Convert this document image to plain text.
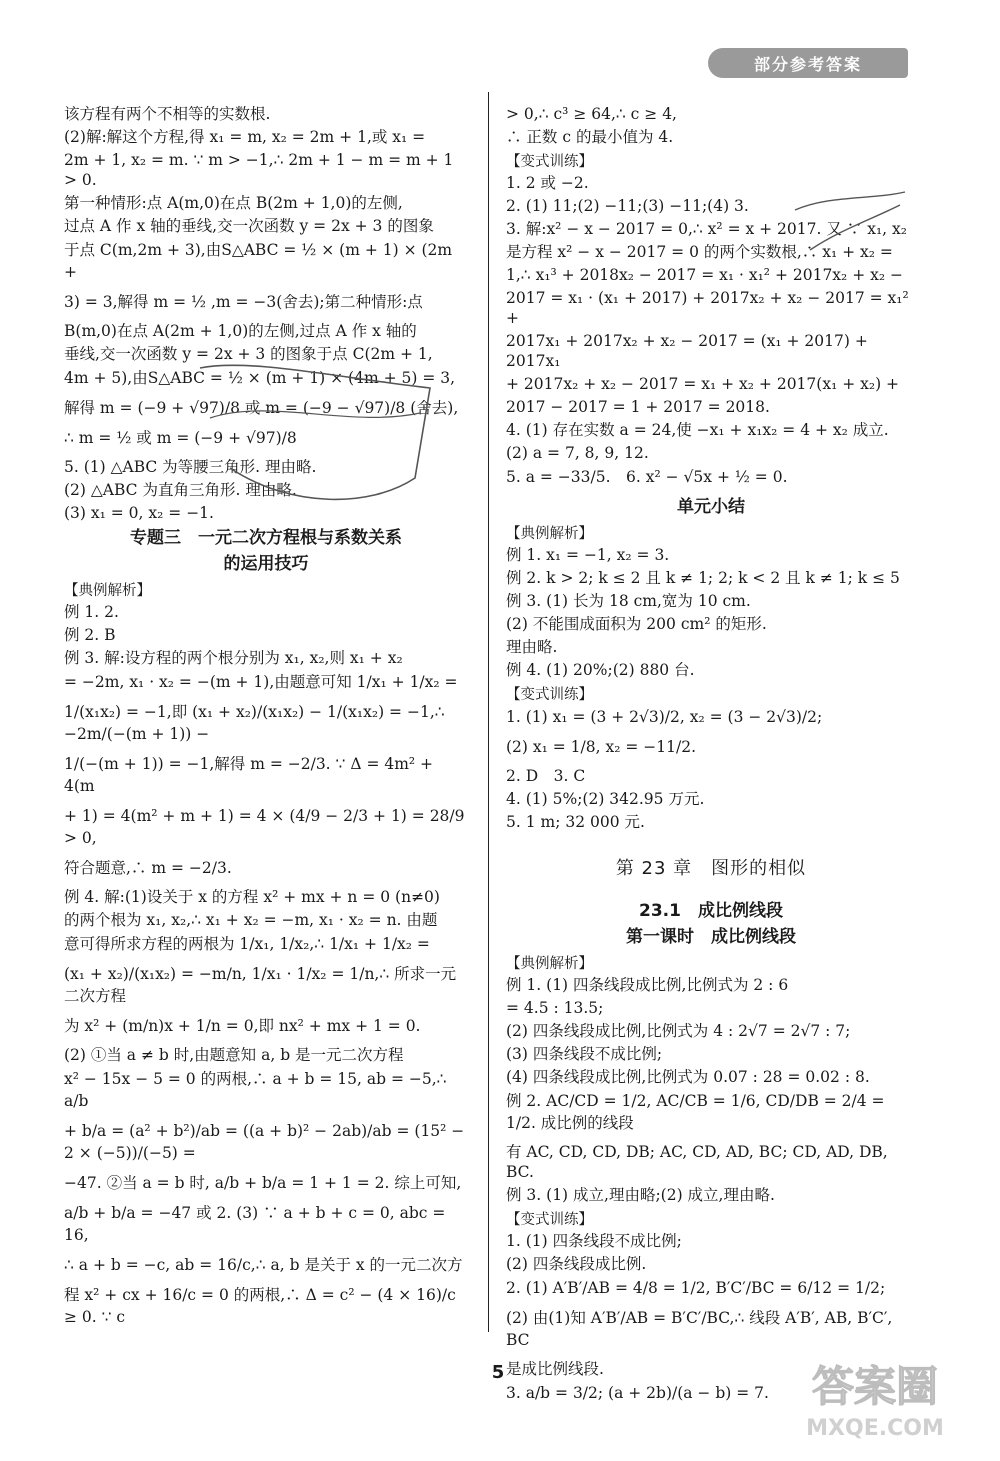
部分参考答案
该方程有两个不相等的实数根.
(2)解:解这个方程,得 x₁ = m, x₂ = 2m + 1,或 x₁ =
2m + 1, x₂ = m. ∵ m > −1,∴ 2m + 1 − m = m + 1 > 0.
第一种情形:点 A(m,0)在点 B(2m + 1,0)的左侧,
过点 A 作 x 轴的垂线,交一次函数 y = 2x + 3 的图象
于点 C(m,2m + 3),由S△ABC = ½ × (m + 1) × (2m +
3) = 3,解得 m = ½ ,m = −3(舍去);第二种情形:点
B(m,0)在点 A(2m + 1,0)的左侧,过点 A 作 x 轴的
垂线,交一次函数 y = 2x + 3 的图象于点 C(2m + 1,
4m + 5),由S△ABC = ½ × (m + 1) × (4m + 5) = 3,
解得 m = (−9 + √97)/8 或 m = (−9 − √97)/8 (舍去),
∴ m = ½ 或 m = (−9 + √97)/8
5. (1) △ABC 为等腰三角形. 理由略.
(2) △ABC 为直角三角形. 理由略.
(3) x₁ = 0, x₂ = −1.
专题三　一元二次方程根与系数关系
的运用技巧
【典例解析】
例 1. 2.
例 2. B
例 3. 解:设方程的两个根分别为 x₁, x₂,则 x₁ + x₂
= −2m, x₁ · x₂ = −(m + 1),由题意可知 1/x₁ + 1/x₂ =
1/(x₁x₂) = −1,即 (x₁ + x₂)/(x₁x₂) − 1/(x₁x₂) = −1,∴ −2m/(−(m + 1)) −
1/(−(m + 1)) = −1,解得 m = −2/3. ∵ Δ = 4m² + 4(m
+ 1) = 4(m² + m + 1) = 4 × (4/9 − 2/3 + 1) = 28/9 > 0,
符合题意,∴ m = −2/3.
例 4. 解:(1)设关于 x 的方程 x² + mx + n = 0 (n≠0)
的两个根为 x₁, x₂,∴ x₁ + x₂ = −m, x₁ · x₂ = n. 由题
意可得所求方程的两根为 1/x₁, 1/x₂,∴ 1/x₁ + 1/x₂ =
(x₁ + x₂)/(x₁x₂) = −m/n, 1/x₁ · 1/x₂ = 1/n,∴ 所求一元二次方程
为 x² + (m/n)x + 1/n = 0,即 nx² + mx + 1 = 0.
(2) ①当 a ≠ b 时,由题意知 a, b 是一元二次方程
x² − 15x − 5 = 0 的两根,∴ a + b = 15, ab = −5,∴ a/b
+ b/a = (a² + b²)/ab = ((a + b)² − 2ab)/ab = (15² − 2 × (−5))/(−5) =
−47. ②当 a = b 时, a/b + b/a = 1 + 1 = 2. 综上可知,
a/b + b/a = −47 或 2. (3) ∵ a + b + c = 0, abc = 16,
∴ a + b = −c, ab = 16/c,∴ a, b 是关于 x 的一元二次方
程 x² + cx + 16/c = 0 的两根,∴ Δ = c² − (4 × 16)/c ≥ 0. ∵ c
> 0,∴ c³ ≥ 64,∴ c ≥ 4,
∴ 正数 c 的最小值为 4.
【变式训练】
1. 2 或 −2.
2. (1) 11;(2) −11;(3) −11;(4) 3.
3. 解:x² − x − 2017 = 0,∴ x² = x + 2017. 又 ∵ x₁, x₂
是方程 x² − x − 2017 = 0 的两个实数根,∴ x₁ + x₂ =
1,∴ x₁³ + 2018x₂ − 2017 = x₁ · x₁² + 2017x₂ + x₂ −
2017 = x₁ · (x₁ + 2017) + 2017x₂ + x₂ − 2017 = x₁² +
2017x₁ + 2017x₂ + x₂ − 2017 = (x₁ + 2017) + 2017x₁
+ 2017x₂ + x₂ − 2017 = x₁ + x₂ + 2017(x₁ + x₂) +
2017 − 2017 = 1 + 2017 = 2018.
4. (1) 存在实数 a = 24,使 −x₁ + x₁x₂ = 4 + x₂ 成立.
(2) a = 7, 8, 9, 12.
5. a = −33/5.　6. x² − √5x + ½ = 0.
单元小结
【典例解析】
例 1. x₁ = −1, x₂ = 3.
例 2. k > 2; k ≤ 2 且 k ≠ 1; 2; k < 2 且 k ≠ 1; k ≤ 5
例 3. (1) 长为 18 cm,宽为 10 cm.
(2) 不能围成面积为 200 cm² 的矩形.
理由略.
例 4. (1) 20%;(2) 880 台.
【变式训练】
1. (1) x₁ = (3 + 2√3)/2, x₂ = (3 − 2√3)/2;
(2) x₁ = 1/8, x₂ = −11/2.
2. D　3. C
4. (1) 5%;(2) 342.95 万元.
5. 1 m; 32 000 元.
第 23 章　图形的相似
23.1　成比例线段
第一课时　成比例线段
【典例解析】
例 1. (1) 四条线段成比例,比例式为 2 : 6
= 4.5 : 13.5;
(2) 四条线段成比例,比例式为 4 : 2√7 = 2√7 : 7;
(3) 四条线段不成比例;
(4) 四条线段成比例,比例式为 0.07 : 28 = 0.02 : 8.
例 2. AC/CD = 1/2, AC/CB = 1/6, CD/DB = 2/4 = 1/2. 成比例的线段
有 AC, CD, CD, DB; AC, CD, AD, BC; CD, AD, DB, BC.
例 3. (1) 成立,理由略;(2) 成立,理由略.
【变式训练】
1. (1) 四条线段不成比例;
(2) 四条线段成比例.
2. (1) A′B′/AB = 4/8 = 1/2, B′C′/BC = 6/12 = 1/2;
(2) 由(1)知 A′B′/AB = B′C′/BC,∴ 线段 A′B′, AB, B′C′, BC
是成比例线段.
3. a/b = 3/2; (a + 2b)/(a − b) = 7.
5	答案圈
MXQE.COM
